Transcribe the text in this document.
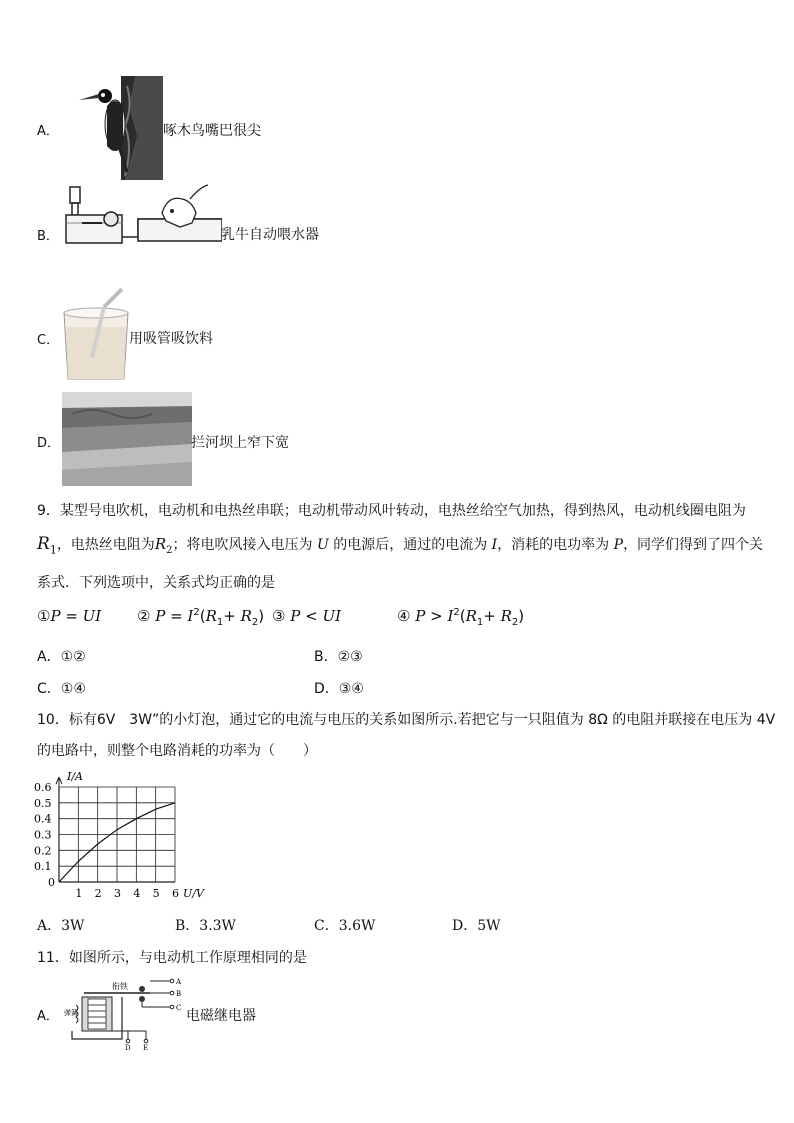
A．	啄木鸟嘴巴很尖
B．	乳牛自动喂水器
C．	用吸管吸饮料
D．	拦河坝上窄下宽
9．某型号电吹机，电动机和电热丝串联；电动机带动风叶转动，电热丝给空气加热，得到热风，电动机线圈电阻为
$R_1$，电热丝电阻为$R_2$；将电吹风接入电压为 U 的电源后，通过的电流为 I，消耗的电功率为 P，同学们得到了四个关
系式．下列选项中，关系式均正确的是
①P = UI ② $P = I^2(R_1+ R_2)$ ③ P < UI	④ $P > I^2(R_1+ R_2)$
A．①②	B．②③
C．①④	D．③④
10．标有6V　3W”的小灯泡，通过它的电流与电压的关系如图所示.若把它与一只阻值为 8Ω 的电阻并联接在电压为 4V
的电路中，则整个电路消耗的功率为（　　）
1 2 3 4 5 6
0.1
0.2
0.3
0.4
0.5
0.6
I/A
U/V
0
A．3W	B．3.3W	C．3.6W	D．5W
11．如图所示，与电动机工作原理相同的是
A．
衔铁
弹簧
A
B
C
D E
电磁继电器
